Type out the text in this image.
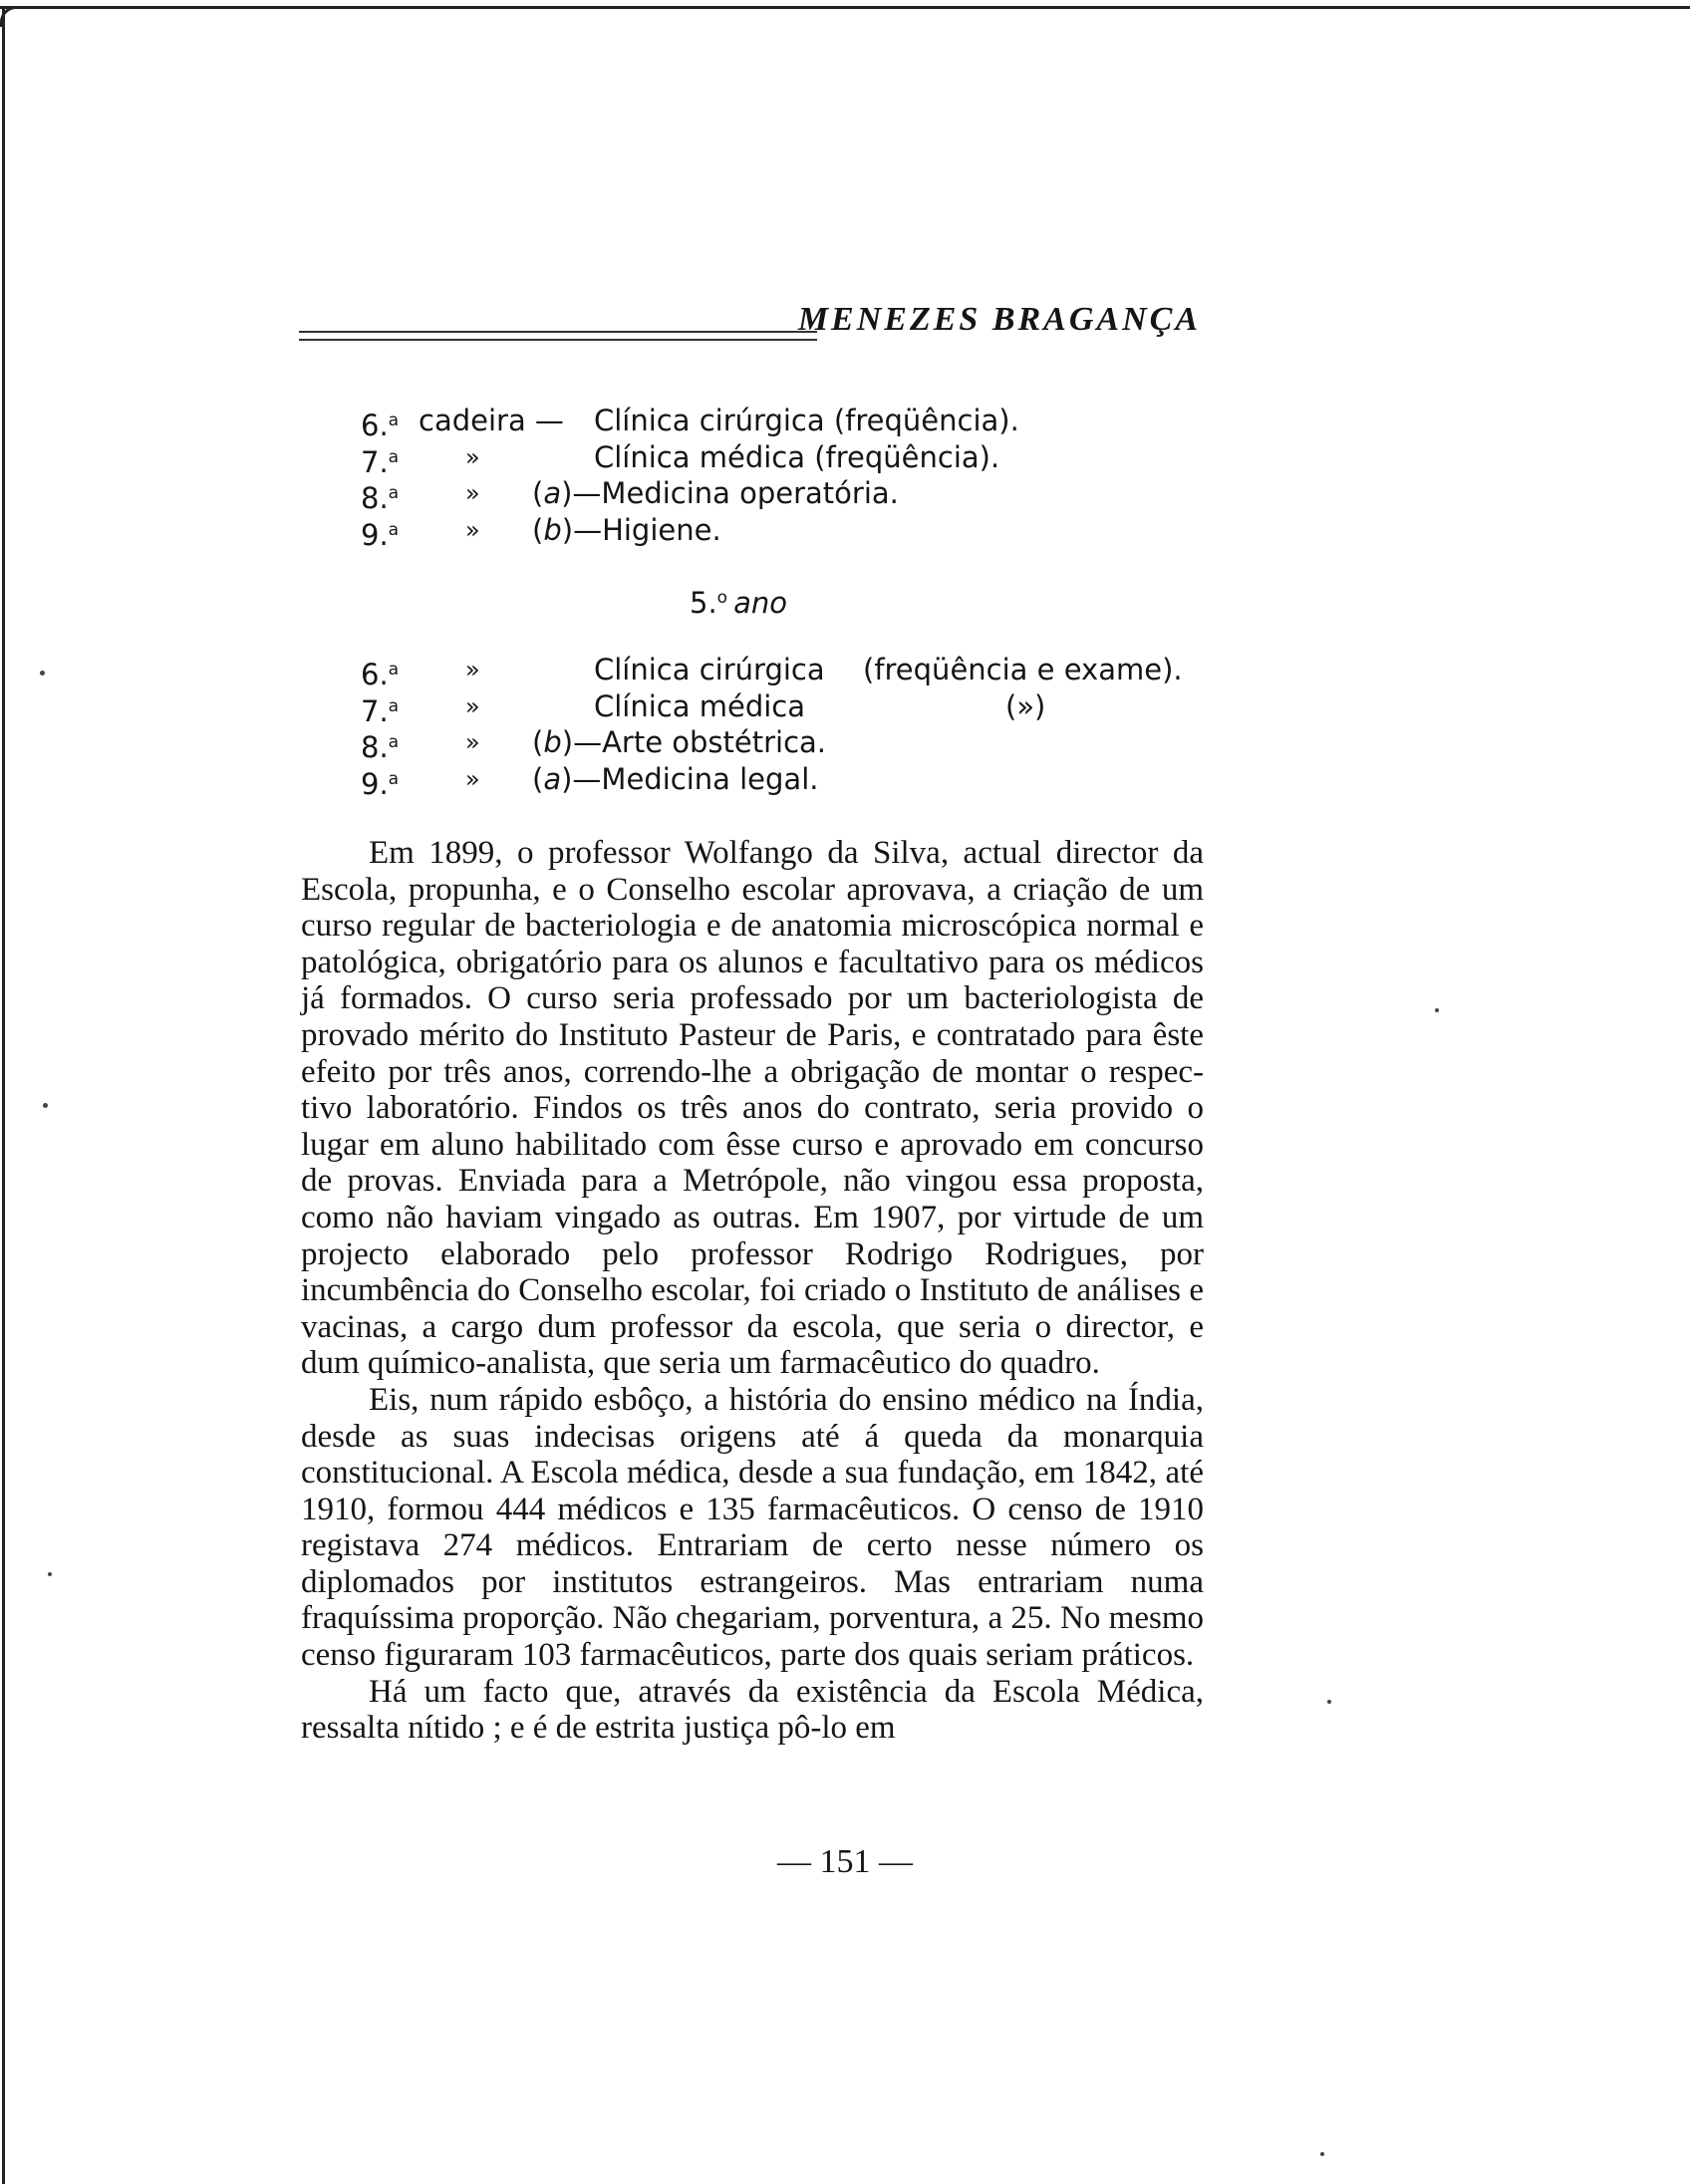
MENEZES BRAGANÇA
6.$^a$ cadeira — Clínica cirúrgica (freqüência).
7.$^a$	»	Clínica médica (freqüência).
8.$^a$	» (a)—Medicina operatória.
9.$^a$	» (b)—Higiene.
5.$^o$ ano
6.$^a$	»	Clínica cirúrgica (freqüência e exame).
7.$^a$	»	Clínica médica	(»)
8.$^a$	» (b)—Arte obstétrica.
9.$^a$	» (a)—Medicina legal.

Em 1899, o professor Wolfango da Silva, actual director da Escola, propunha, e o Conselho escolar aprovava, a criação de um curso regular de bacteriologia e de anatomia microscópica normal e patológica, obrigatório para os alunos e facultativo para os médicos já formados. O curso seria professado por um bacteriologista de provado mérito do Instituto Pasteur de Paris, e contratado para êste efeito por três anos, correndo-lhe a obrigação de montar o respectivo laboratório. Findos os três anos do contrato, seria provido o lugar em aluno habilitado com êsse curso e aprovado em concurso de provas. Enviada para a Metrópole, não vingou essa proposta, como não haviam vingado as outras. Em 1907, por virtude de um projecto elaborado pelo professor Rodrigo Rodrigues, por incumbência do Conselho escolar, foi criado o Instituto de análises e vacinas, a cargo dum professor da escola, que seria o director, e dum químico-analista, que seria um farmacêutico do quadro.

Eis, num rápido esbôço, a história do ensino médico na Índia, desde as suas indecisas origens até á queda da monarquia constitucional. A Escola médica, desde a sua fundação, em 1842, até 1910, formou 444 médicos e 135 farmacêuticos. O censo de 1910 registava 274 médicos. Entrariam de certo nesse número os diplomados por institutos estrangeiros. Mas entrariam numa fraquíssima proporção. Não chegariam, porventura, a 25. No mesmo censo figuraram 103 farmacêuticos, parte dos quais seriam práticos.

Há um facto que, através da existência da Escola Médica, ressalta nítido ; e é de estrita justiça pô-lo em

— 151 —
